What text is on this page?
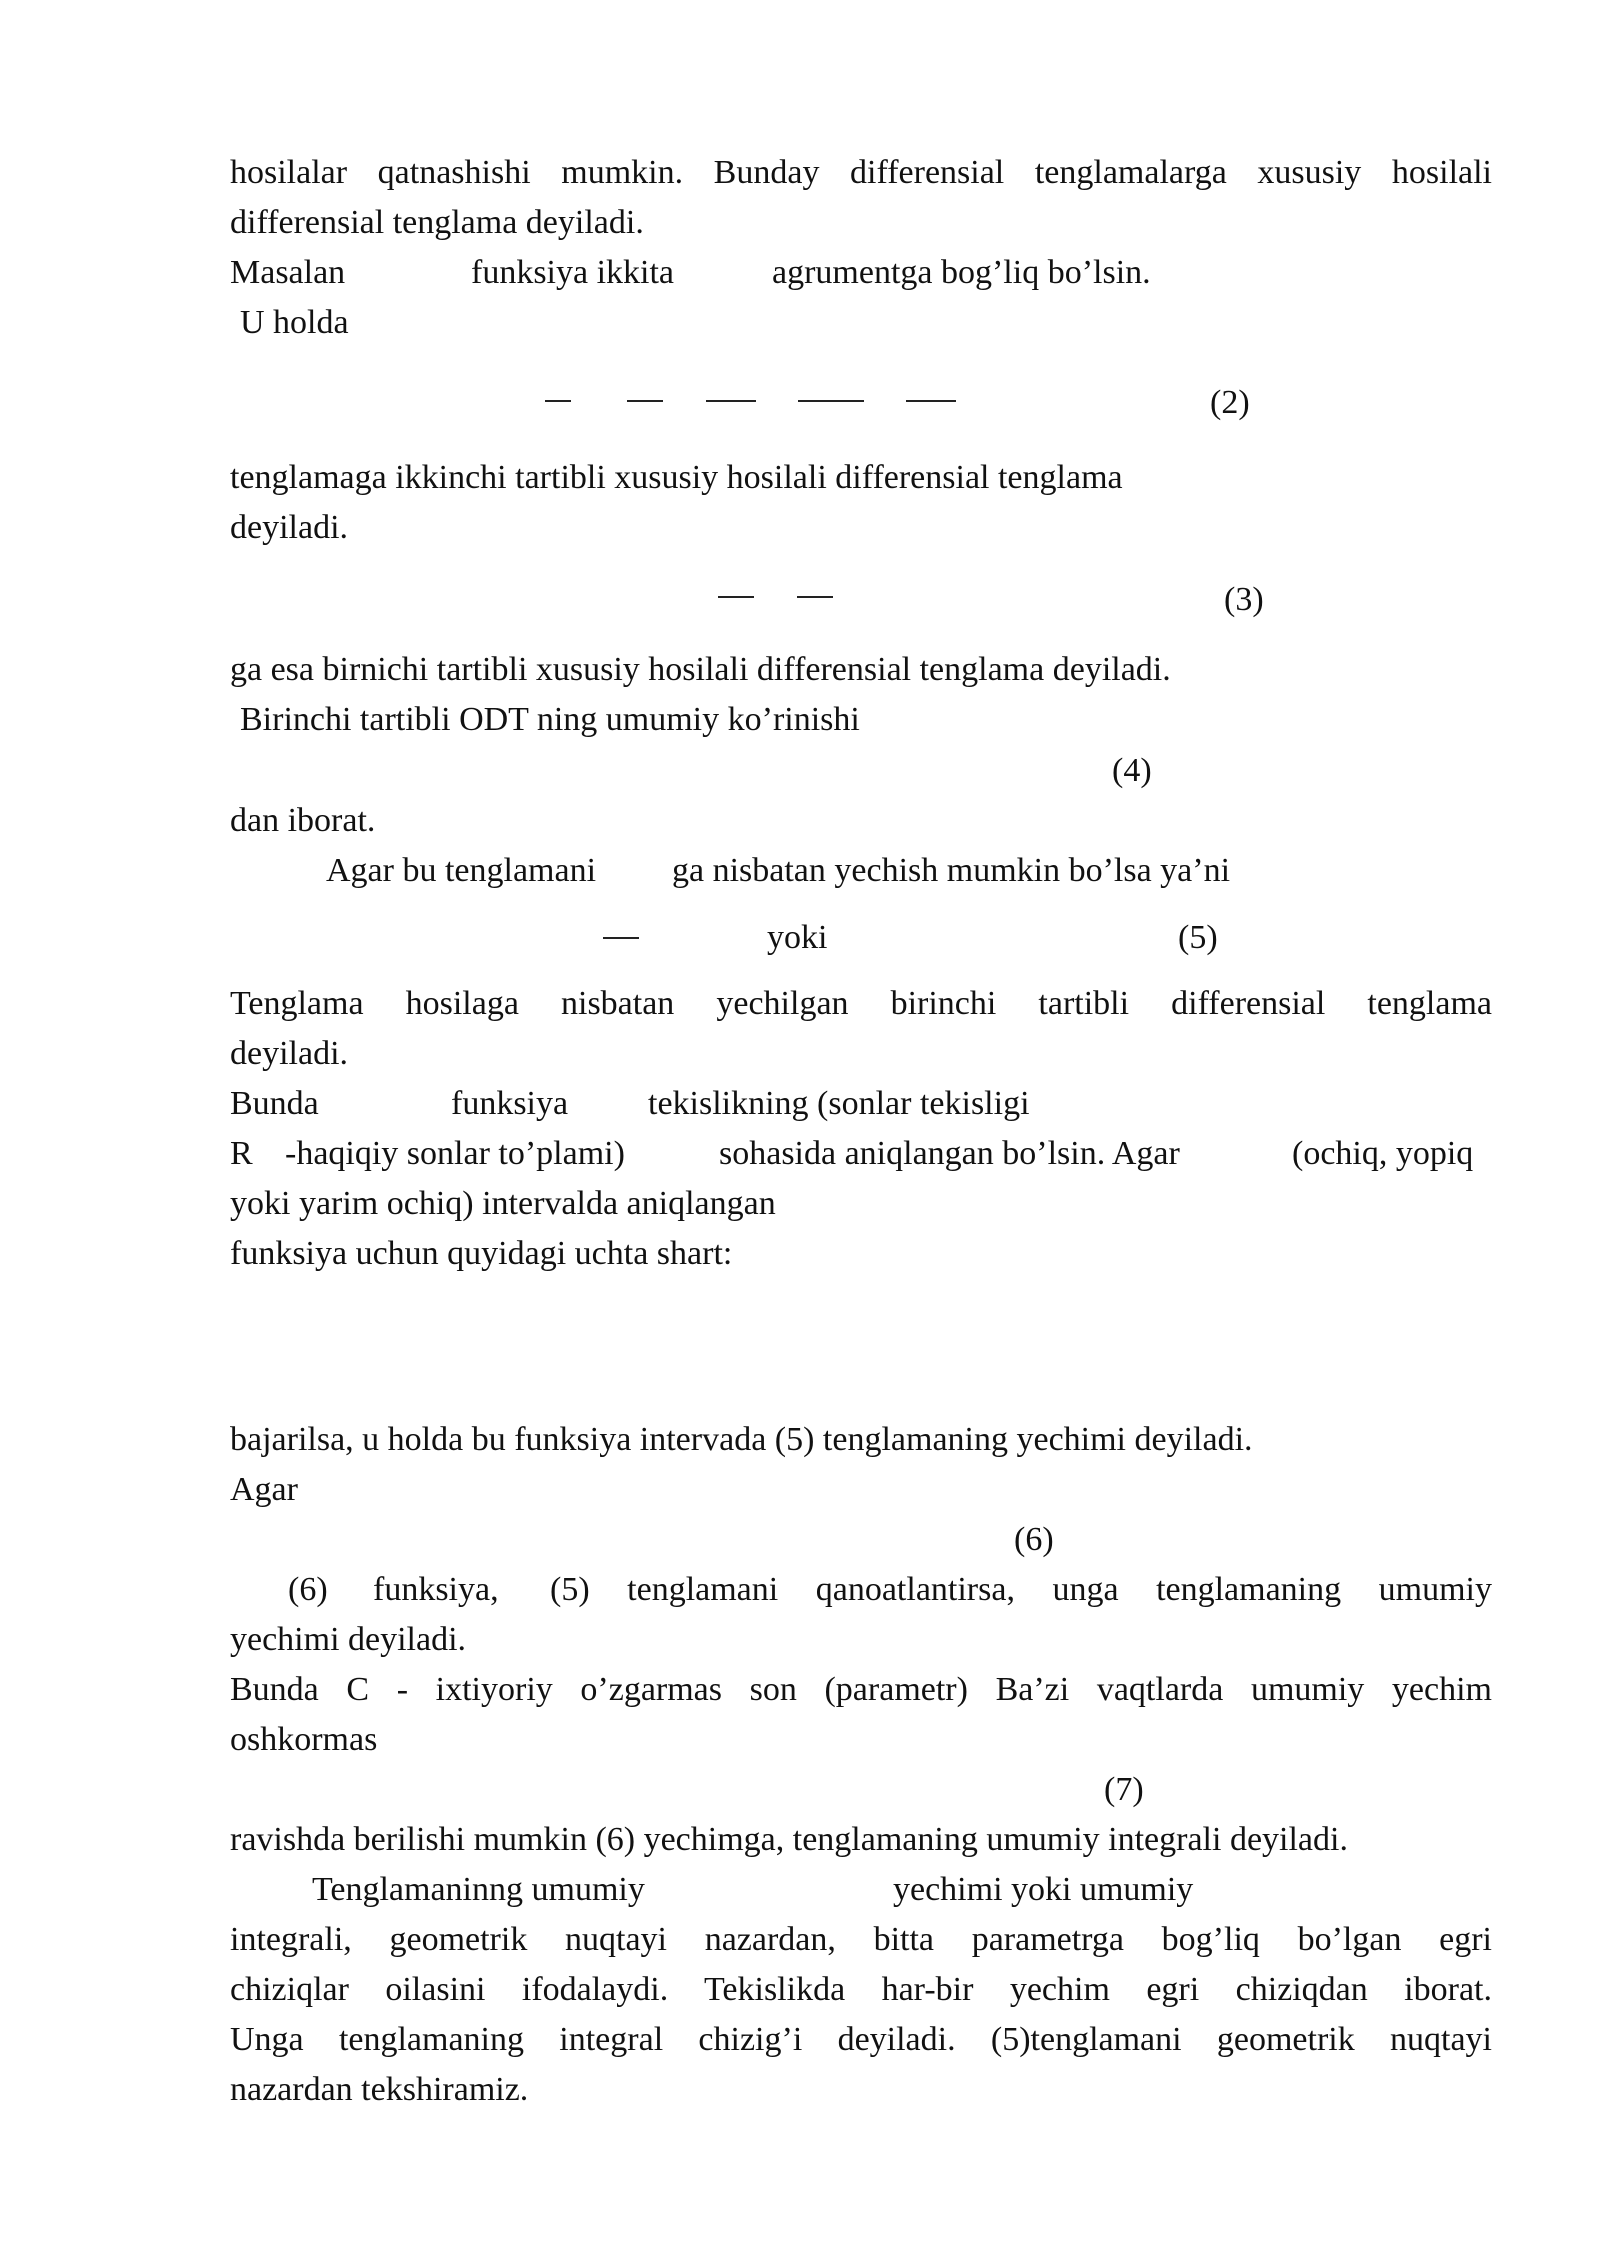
hosilalar qatnashishi mumkin. Bunday differensial tenglamalarga xususiy hosilali

differensial tenglama deyiladi.

Masalan	funksiya ikkita	agrumentga bog’liq bo’lsin.

U holda

(2)

tenglamaga ikkinchi tartibli xususiy hosilali differensial tenglama

deyiladi.

(3)

ga esa birnichi tartibli xususiy hosilali differensial tenglama deyiladi.

Birinchi tartibli ODT ning umumiy ko’rinishi

(4)

dan iborat.

Agar bu tenglamani ga nisbatan yechish mumkin bo’lsa ya’ni
yoki	(5)

Tenglama hosilaga nisbatan yechilgan birinchi tartibli differensial tenglama

deyiladi.

Bunda	funksiya tekislikning (sonlar tekisligi
R -haqiqiy sonlar to’plami)	sohasida aniqlangan bo’lsin. Agar	(ochiq, yopiq

yoki yarim ochiq) intervalda aniqlangan

funksiya uchun quyidagi uchta shart:

bajarilsa, u holda bu funksiya intervada (5) tenglamaning yechimi deyiladi.

Agar

(6)
(6) funksiya, (5) tenglamani qanoatlantirsa, unga tenglamaning umumiy

yechimi deyiladi.

Bunda C - ixtiyoriy o’zgarmas son (parametr) Ba’zi vaqtlarda umumiy yechim

oshkormas

(7)

ravishda berilishi mumkin (6) yechimga, tenglamaning umumiy integrali deyiladi.

Tenglamaninng umumiy	yechimi yoki umumiy

integrali, geometrik nuqtayi nazardan, bitta parametrga bog’liq bo’lgan egri

chiziqlar oilasini ifodalaydi. Tekislikda har-bir yechim egri chiziqdan iborat.

Unga tenglamaning integral chizig’i deyiladi. (5)tenglamani geometrik nuqtayi

nazardan tekshiramiz.
